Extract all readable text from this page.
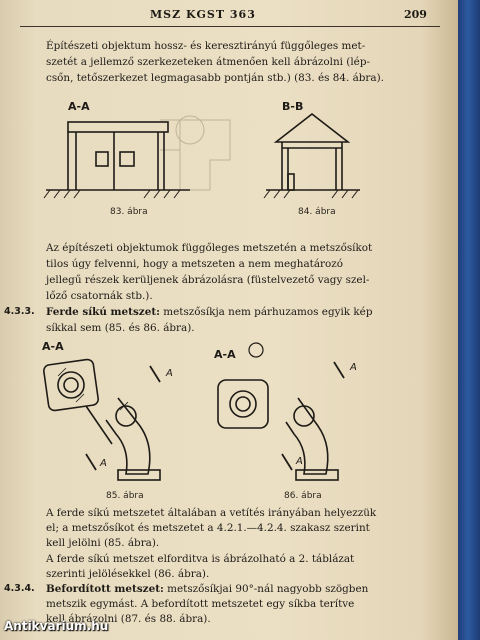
MSZ KGST 363	209
Építészeti objektum hossz- és keresztirányú függőleges met-
szetét a jellemző szerkezeteken átmenően kell ábrázolni (lép-
csőn, tetőszerkezet legmagasabb pontján stb.) (83. és 84. ábra).
A-A
83. ábra
B-B
84. ábra
Az építészeti objektumok függőleges metszetén a metszősíkot
tilos úgy felvenni, hogy a metszeten a nem meghatározó
jellegű részek kerüljenek ábrázolásra (füstelvezető vagy szel-
lőző csatornák stb.).
4.3.3. Ferde síkú metszet: metszősíkja nem párhuzamos egyik kép
síkkal sem (85. és 86. ábra).
A-A
A
A
85. ábra
A-A
A
A
86. ábra
A ferde síkú metszetet általában a vetítés irányában helyezzük
el; a metszősíkot és metszetet a 4.2.1.—4.2.4. szakasz szerint
kell jelölni (85. ábra).
A ferde síkú metszet elforditva is ábrázolható a 2. táblázat
szerinti jelölésekkel (86. ábra).
4.3.4. Befordított metszet: metszősíkjai 90°-nál nagyobb szögben
metszik egymást. A befordított metszetet egy síkba terítve
kell ábrázolni (87. és 88. ábra).
Antikvarium.hu
